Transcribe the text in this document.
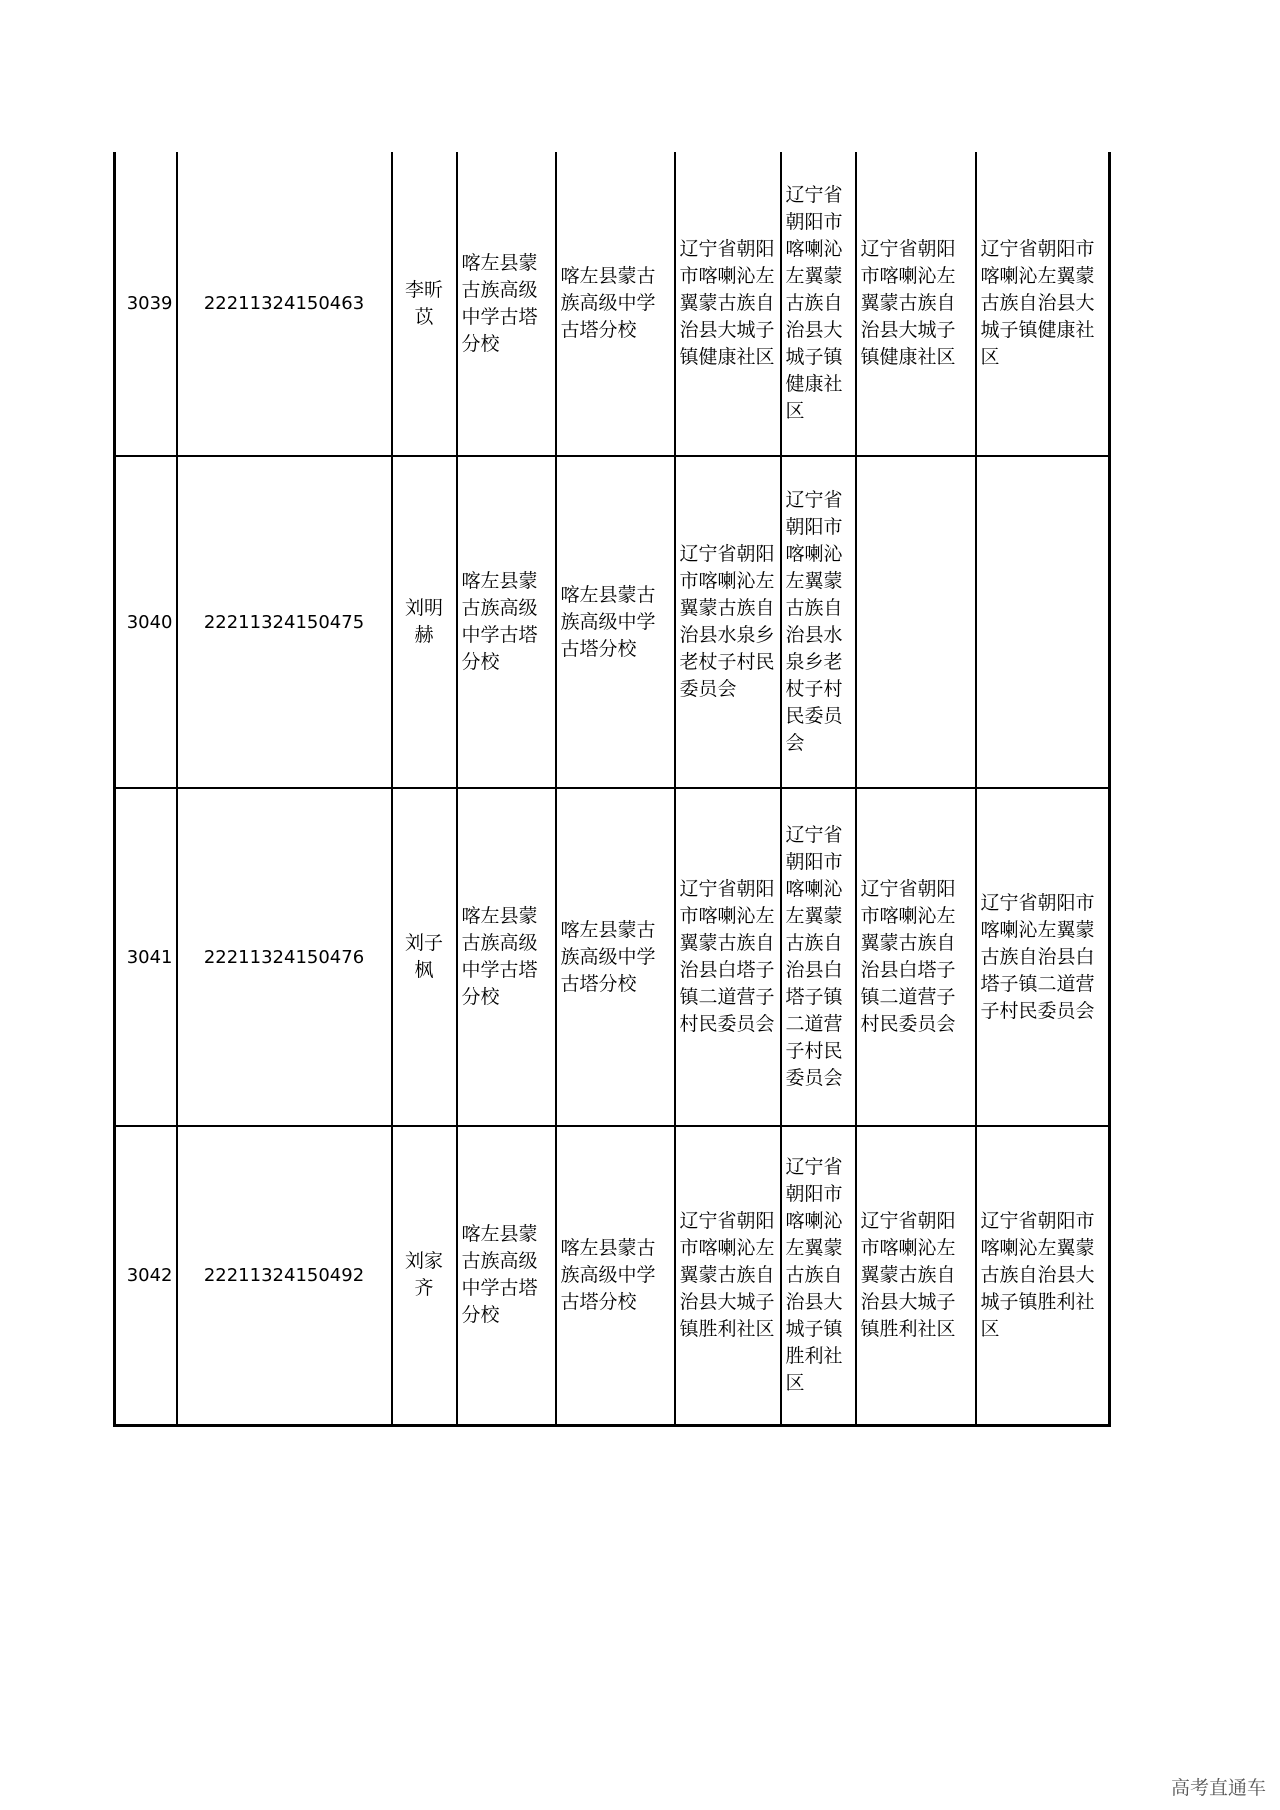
3039	22211324150463	李昕苡	喀左县蒙古族高级中学古塔分校	喀左县蒙古族高级中学古塔分校	辽宁省朝阳市喀喇沁左翼蒙古族自治县大城子镇健康社区	辽宁省朝阳市喀喇沁左翼蒙古族自治县大城子镇健康社区	辽宁省朝阳市喀喇沁左翼蒙古族自治县大城子镇健康社区	辽宁省朝阳市喀喇沁左翼蒙古族自治县大城子镇健康社区
3040	22211324150475	刘明赫	喀左县蒙古族高级中学古塔分校	喀左县蒙古族高级中学古塔分校	辽宁省朝阳市喀喇沁左翼蒙古族自治县水泉乡老杖子村民委员会	辽宁省朝阳市喀喇沁左翼蒙古族自治县水泉乡老杖子村民委员会		
3041	22211324150476	刘子枫	喀左县蒙古族高级中学古塔分校	喀左县蒙古族高级中学古塔分校	辽宁省朝阳市喀喇沁左翼蒙古族自治县白塔子镇二道营子村民委员会	辽宁省朝阳市喀喇沁左翼蒙古族自治县白塔子镇二道营子村民委员会	辽宁省朝阳市喀喇沁左翼蒙古族自治县白塔子镇二道营子村民委员会	辽宁省朝阳市喀喇沁左翼蒙古族自治县白塔子镇二道营子村民委员会
3042	22211324150492	刘家齐	喀左县蒙古族高级中学古塔分校	喀左县蒙古族高级中学古塔分校	辽宁省朝阳市喀喇沁左翼蒙古族自治县大城子镇胜利社区	辽宁省朝阳市喀喇沁左翼蒙古族自治县大城子镇胜利社区	辽宁省朝阳市喀喇沁左翼蒙古族自治县大城子镇胜利社区	辽宁省朝阳市喀喇沁左翼蒙古族自治县大城子镇胜利社区
高考直通车
